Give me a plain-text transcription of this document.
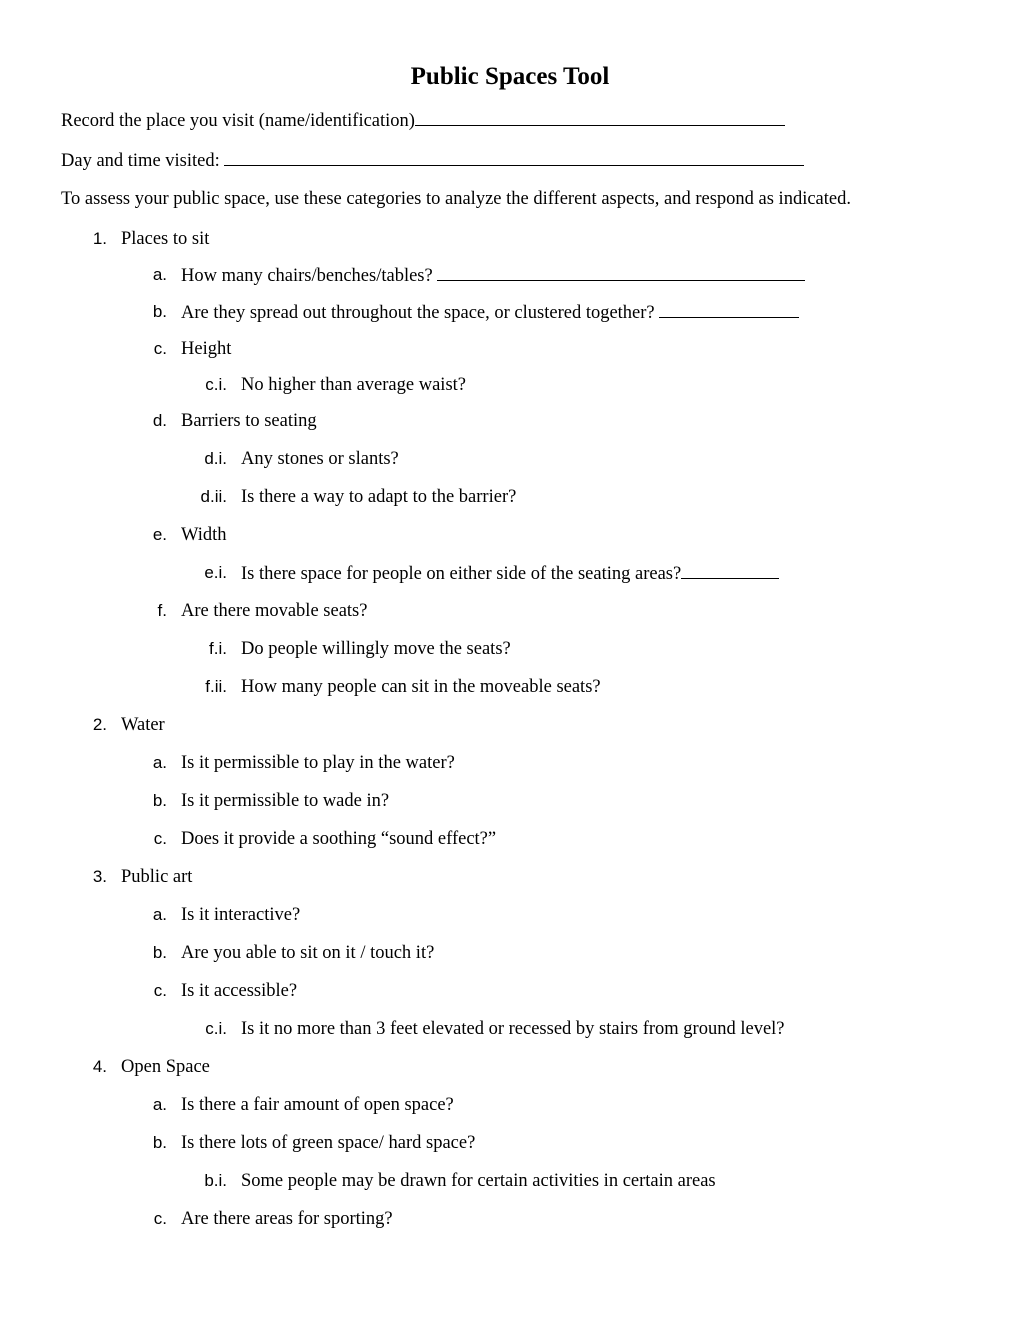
Public Spaces Tool
Record the place you visit (name/identification)
Day and time visited:
To assess your public space, use these categories to analyze the different aspects, and respond as indicated.
1. Places to sit
a. How many chairs/benches/tables?
b. Are they spread out throughout the space, or clustered together?
c. Height
c.i. No higher than average waist?
d. Barriers to seating
d.i. Any stones or slants?
d.ii. Is there a way to adapt to the barrier?
e. Width
e.i. Is there space for people on either side of the seating areas?
f. Are there movable seats?
f.i. Do people willingly move the seats?
f.ii. How many people can sit in the moveable seats?
2. Water
a. Is it permissible to play in the water?
b. Is it permissible to wade in?
c. Does it provide a soothing “sound effect?”
3. Public art
a. Is it interactive?
b. Are you able to sit on it / touch it?
c. Is it accessible?
c.i. Is it no more than 3 feet elevated or recessed by stairs from ground level?
4. Open Space
a. Is there a fair amount of open space?
b. Is there lots of green space/ hard space?
b.i. Some people may be drawn for certain activities in certain areas
c. Are there areas for sporting?
